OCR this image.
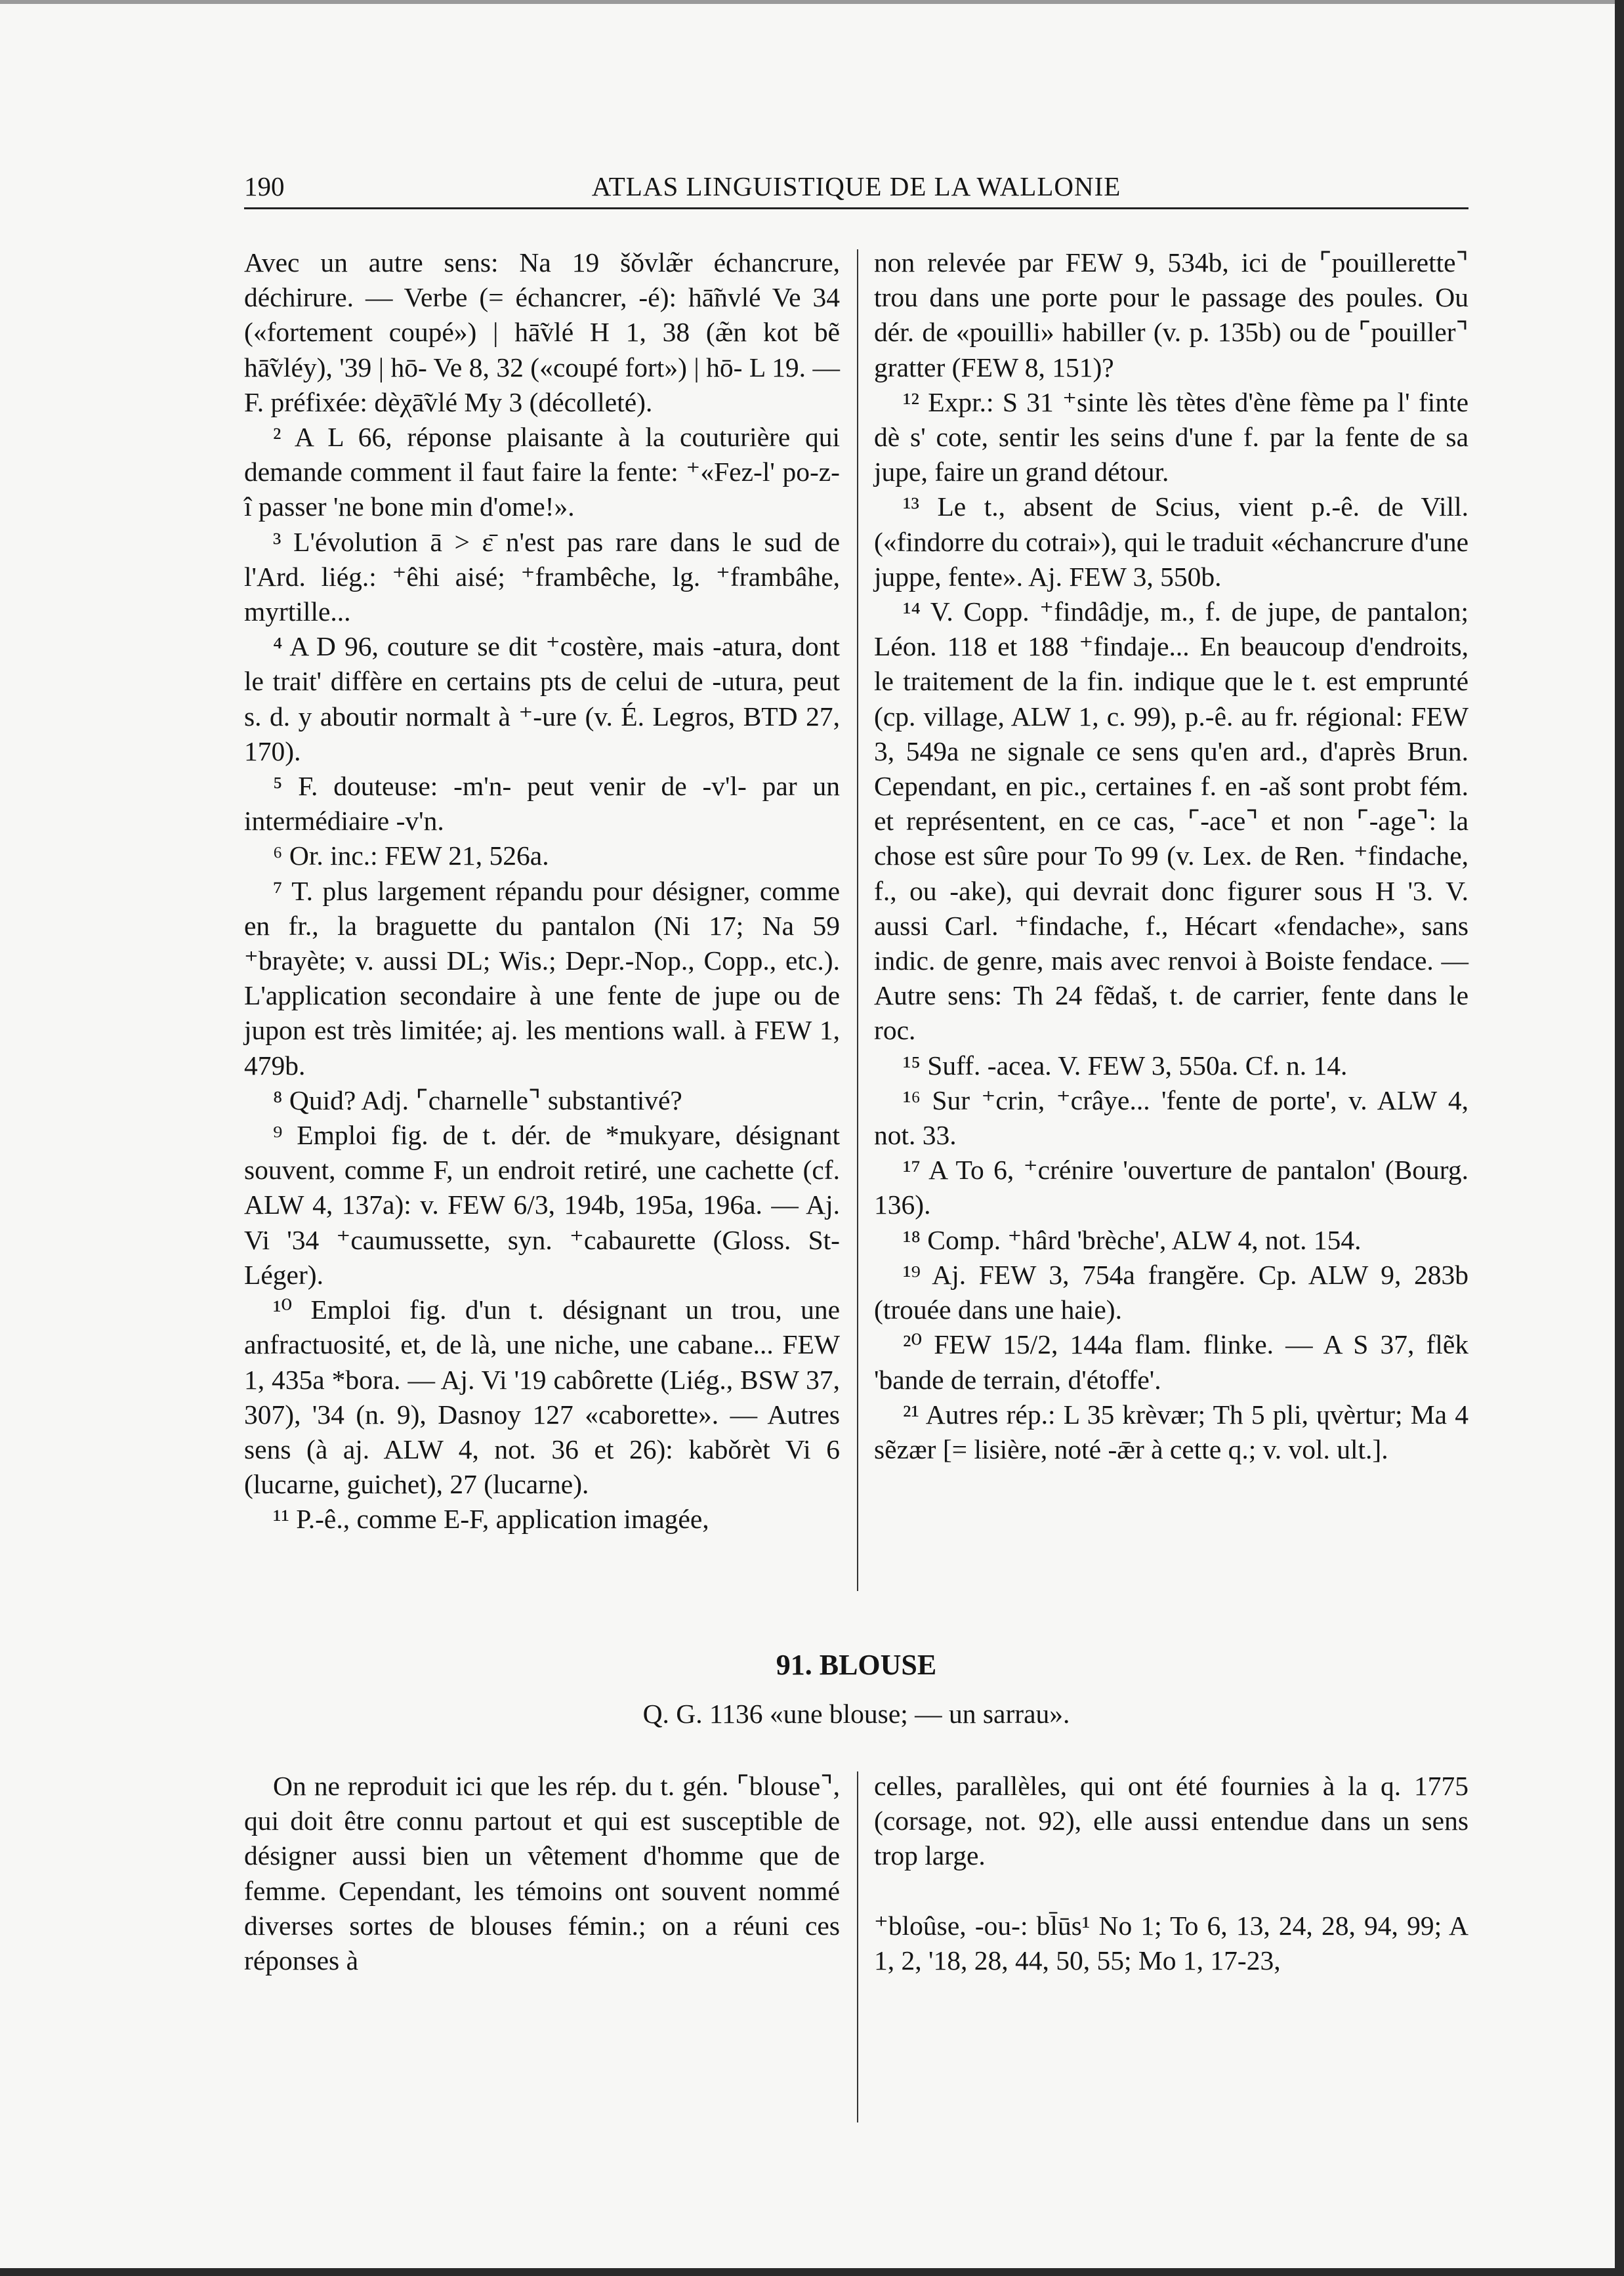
190	ATLAS LINGUISTIQUE DE LA WALLONIE

Avec un autre sens: Na 19 šǒvlæ̃r échancrure, déchirure. — Verbe (= échancrer, -é): hā̃nvlé Ve 34 («fortement coupé») | hā̃vlé H 1, 38 (æ̃n kot bẽ hā̃vléy), '39 | hō- Ve 8, 32 («coupé fort») | hō- L 19. — F. préfixée: dèχā̃vlé My 3 (décolleté).

² A L 66, réponse plaisante à la couturière qui demande comment il faut faire la fente: ⁺«Fez-l' po-z-î passer 'ne bone min d'ome!».

³ L'évolution ā > ɛ̄ n'est pas rare dans le sud de l'Ard. liég.: ⁺êhi aisé; ⁺frambêche, lg. ⁺frambâhe, myrtille...

⁴ A D 96, couture se dit ⁺costère, mais -atura, dont le trait' diffère en certains pts de celui de -utura, peut s. d. y aboutir normalt à ⁺-ure (v. É. Legros, BTD 27, 170).

⁵ F. douteuse: -m'n- peut venir de -v'l- par un intermédiaire -v'n.

⁶ Or. inc.: FEW 21, 526a.

⁷ T. plus largement répandu pour désigner, comme en fr., la braguette du pantalon (Ni 17; Na 59 ⁺brayète; v. aussi DL; Wis.; Depr.-Nop., Copp., etc.). L'application secondaire à une fente de jupe ou de jupon est très limitée; aj. les mentions wall. à FEW 1, 479b.

⁸ Quid? Adj. ⌜charnelle⌝ substantivé?

⁹ Emploi fig. de t. dér. de *mukyare, désignant souvent, comme F, un endroit retiré, une cachette (cf. ALW 4, 137a): v. FEW 6/3, 194b, 195a, 196a. — Aj. Vi '34 ⁺caumussette, syn. ⁺cabaurette (Gloss. St-Léger).

¹⁰ Emploi fig. d'un t. désignant un trou, une anfractuosité, et, de là, une niche, une cabane... FEW 1, 435a *bora. — Aj. Vi '19 cabôrette (Liég., BSW 37, 307), '34 (n. 9), Dasnoy 127 «caborette». — Autres sens (à aj. ALW 4, not. 36 et 26): kabǒrèt Vi 6 (lucarne, guichet), 27 (lucarne).

¹¹ P.-ê., comme E-F, application imagée,

non relevée par FEW 9, 534b, ici de ⌜pouillerette⌝ trou dans une porte pour le passage des poules. Ou dér. de «pouilli» habiller (v. p. 135b) ou de ⌜pouiller⌝ gratter (FEW 8, 151)?

¹² Expr.: S 31 ⁺sinte lès tètes d'ène fème pa l' finte dè s' cote, sentir les seins d'une f. par la fente de sa jupe, faire un grand détour.

¹³ Le t., absent de Scius, vient p.-ê. de Vill. («findorre du cotrai»), qui le traduit «échancrure d'une juppe, fente». Aj. FEW 3, 550b.

¹⁴ V. Copp. ⁺findâdje, m., f. de jupe, de pantalon; Léon. 118 et 188 ⁺findaje... En beaucoup d'endroits, le traitement de la fin. indique que le t. est emprunté (cp. village, ALW 1, c. 99), p.-ê. au fr. régional: FEW 3, 549a ne signale ce sens qu'en ard., d'après Brun. Cependant, en pic., certaines f. en -aš sont probt fém. et représentent, en ce cas, ⌜-ace⌝ et non ⌜-age⌝: la chose est sûre pour To 99 (v. Lex. de Ren. ⁺findache, f., ou -ake), qui devrait donc figurer sous H '3. V. aussi Carl. ⁺findache, f., Hécart «fendache», sans indic. de genre, mais avec renvoi à Boiste fendace. — Autre sens: Th 24 fẽdaš, t. de carrier, fente dans le roc.

¹⁵ Suff. -acea. V. FEW 3, 550a. Cf. n. 14.

¹⁶ Sur ⁺crin, ⁺crâye... 'fente de porte', v. ALW 4, not. 33.

¹⁷ A To 6, ⁺crénire 'ouverture de pantalon' (Bourg. 136).

¹⁸ Comp. ⁺hârd 'brèche', ALW 4, not. 154.

¹⁹ Aj. FEW 3, 754a frangĕre. Cp. ALW 9, 283b (trouée dans une haie).

²⁰ FEW 15/2, 144a flam. flinke. — A S 37, flẽk 'bande de terrain, d'étoffe'.

²¹ Autres rép.: L 35 krèvær; Th 5 pli, ɥvèrtur; Ma 4 sẽzær [= lisière, noté -ǣr à cette q.; v. vol. ult.].

91. BLOUSE
Q. G. 1136 «une blouse; — un sarrau».

On ne reproduit ici que les rép. du t. gén. ⌜blouse⌝, qui doit être connu partout et qui est susceptible de désigner aussi bien un vêtement d'homme que de femme. Cependant, les témoins ont souvent nommé diverses sortes de blouses fémin.; on a réuni ces réponses à

celles, parallèles, qui ont été fournies à la q. 1775 (corsage, not. 92), elle aussi entendue dans un sens trop large.

⁺bloûse, -ou-: bl̄ūs¹ No 1; To 6, 13, 24, 28, 94, 99; A 1, 2, '18, 28, 44, 50, 55; Mo 1, 17-23,
